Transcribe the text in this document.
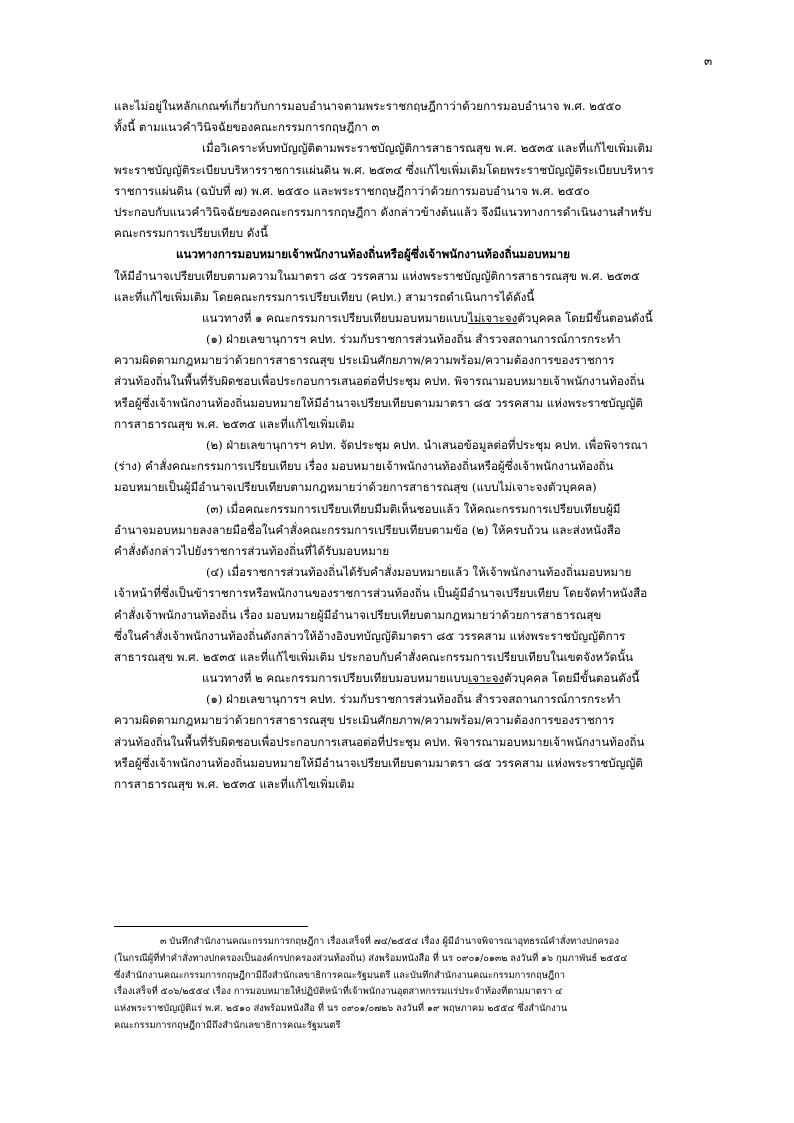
๓
และไม่อยู่ในหลักเกณฑ์เกี่ยวกับการมอบอำนาจตามพระราชกฤษฎีกาว่าด้วยการมอบอำนาจ พ.ศ. ๒๕๕๐
ทั้งนี้ ตามแนวคำวินิจฉัยของคณะกรรมการกฤษฎีกา ๓
เมื่อวิเคราะห์บทบัญญัติตามพระราชบัญญัติการสาธารณสุข พ.ศ. ๒๕๓๕ และที่แก้ไขเพิ่มเติม
พระราชบัญญัติระเบียบบริหารราชการแผ่นดิน พ.ศ. ๒๕๓๔ ซึ่งแก้ไขเพิ่มเติมโดยพระราชบัญญัติระเบียบบริหาร
ราชการแผ่นดิน (ฉบับที่ ๗) พ.ศ. ๒๕๕๐ และพระราชกฤษฎีกาว่าด้วยการมอบอำนาจ พ.ศ. ๒๕๕๐
ประกอบกับแนวคำวินิจฉัยของคณะกรรมการกฤษฎีกา ดังกล่าวข้างต้นแล้ว จึงมีแนวทางการดำเนินงานสำหรับ
คณะกรรมการเปรียบเทียบ ดังนี้
แนวทางการมอบหมายเจ้าพนักงานท้องถิ่นหรือผู้ซึ่งเจ้าพนักงานท้องถิ่นมอบหมาย
ให้มีอำนาจเปรียบเทียบตามความในมาตรา ๘๕ วรรคสาม แห่งพระราชบัญญัติการสาธารณสุข พ.ศ. ๒๕๓๕
และที่แก้ไขเพิ่มเติม โดยคณะกรรมการเปรียบเทียบ (คปท.) สามารถดำเนินการได้ดังนี้
แนวทางที่ ๑ คณะกรรมการเปรียบเทียบมอบหมายแบบไม่เจาะจงตัวบุคคล โดยมีขั้นตอนดังนี้
(๑) ฝ่ายเลขานุการฯ คปท. ร่วมกับราชการส่วนท้องถิ่น สำรวจสถานการณ์การกระทำ
ความผิดตามกฎหมายว่าด้วยการสาธารณสุข ประเมินศักยภาพ/ความพร้อม/ความต้องการของราชการ
ส่วนท้องถิ่นในพื้นที่รับผิดชอบเพื่อประกอบการเสนอต่อที่ประชุม คปท. พิจารณามอบหมายเจ้าพนักงานท้องถิ่น
หรือผู้ซึ่งเจ้าพนักงานท้องถิ่นมอบหมายให้มีอำนาจเปรียบเทียบตามมาตรา ๘๕ วรรคสาม แห่งพระราชบัญญัติ
การสาธารณสุข พ.ศ. ๒๕๓๕ และที่แก้ไขเพิ่มเติม
(๒) ฝ่ายเลขานุการฯ คปท. จัดประชุม คปท. นำเสนอข้อมูลต่อที่ประชุม คปท. เพื่อพิจารณา
(ร่าง) คำสั่งคณะกรรมการเปรียบเทียบ เรื่อง มอบหมายเจ้าพนักงานท้องถิ่นหรือผู้ซึ่งเจ้าพนักงานท้องถิ่น
มอบหมายเป็นผู้มีอำนาจเปรียบเทียบตามกฎหมายว่าด้วยการสาธารณสุข (แบบไม่เจาะจงตัวบุคคล)
(๓) เมื่อคณะกรรมการเปรียบเทียบมีมติเห็นชอบแล้ว ให้คณะกรรมการเปรียบเทียบผู้มี
อำนาจมอบหมายลงลายมือชื่อในคำสั่งคณะกรรมการเปรียบเทียบตามข้อ (๒) ให้ครบถ้วน และส่งหนังสือ
คำสั่งดังกล่าวไปยังราชการส่วนท้องถิ่นที่ได้รับมอบหมาย
(๔) เมื่อราชการส่วนท้องถิ่นได้รับคำสั่งมอบหมายแล้ว ให้เจ้าพนักงานท้องถิ่นมอบหมาย
เจ้าหน้าที่ซึ่งเป็นข้าราชการหรือพนักงานของราชการส่วนท้องถิ่น เป็นผู้มีอำนาจเปรียบเทียบ โดยจัดทำหนังสือ
คำสั่งเจ้าพนักงานท้องถิ่น เรื่อง มอบหมายผู้มีอำนาจเปรียบเทียบตามกฎหมายว่าด้วยการสาธารณสุข
ซึ่งในคำสั่งเจ้าพนักงานท้องถิ่นดังกล่าวให้อ้างอิงบทบัญญัติมาตรา ๘๕ วรรคสาม แห่งพระราชบัญญัติการ
สาธารณสุข พ.ศ. ๒๕๓๕ และที่แก้ไขเพิ่มเติม ประกอบกับคำสั่งคณะกรรมการเปรียบเทียบในเขตจังหวัดนั้น
แนวทางที่ ๒ คณะกรรมการเปรียบเทียบมอบหมายแบบเจาะจงตัวบุคคล โดยมีขั้นตอนดังนี้
(๑) ฝ่ายเลขานุการฯ คปท. ร่วมกับราชการส่วนท้องถิ่น สำรวจสถานการณ์การกระทำ
ความผิดตามกฎหมายว่าด้วยการสาธารณสุข ประเมินศักยภาพ/ความพร้อม/ความต้องการของราชการ
ส่วนท้องถิ่นในพื้นที่รับผิดชอบเพื่อประกอบการเสนอต่อที่ประชุม คปท. พิจารณามอบหมายเจ้าพนักงานท้องถิ่น
หรือผู้ซึ่งเจ้าพนักงานท้องถิ่นมอบหมายให้มีอำนาจเปรียบเทียบตามมาตรา ๘๕ วรรคสาม แห่งพระราชบัญญัติ
การสาธารณสุข พ.ศ. ๒๕๓๕ และที่แก้ไขเพิ่มเติม
๓ บันทึกสำนักงานคณะกรรมการกฤษฎีกา เรื่องเสร็จที่ ๗๔/๒๕๕๔ เรื่อง ผู้มีอำนาจพิจารณาอุทธรณ์คำสั่งทางปกครอง
(ในกรณีผู้ที่ทำคำสั่งทางปกครองเป็นองค์กรปกครองส่วนท้องถิ่น) ส่งพร้อมหนังสือ ที่ นร ๐๙๐๑/๐๑๓๒ ลงวันที่ ๑๖ กุมภาพันธ์ ๒๕๕๔
ซึ่งสำนักงานคณะกรรมการกฤษฎีกามีถึงสำนักเลขาธิการคณะรัฐมนตรี และบันทึกสำนักงานคณะกรรมการกฤษฎีกา
เรื่องเสร็จที่ ๕๐๖/๒๕๕๔ เรื่อง การมอบหมายให้ปฏิบัติหน้าที่เจ้าพนักงานอุตสาหกรรมแร่ประจำท้องที่ตามมาตรา ๔
แห่งพระราชบัญญัติแร่ พ.ศ. ๒๕๑๐ ส่งพร้อมหนังสือ ที่ นร ๐๙๐๑/๐๗๒๖ ลงวันที่ ๑๙ พฤษภาคม ๒๕๕๔ ซึ่งสำนักงาน
คณะกรรมการกฤษฎีกามีถึงสำนักเลขาธิการคณะรัฐมนตรี
